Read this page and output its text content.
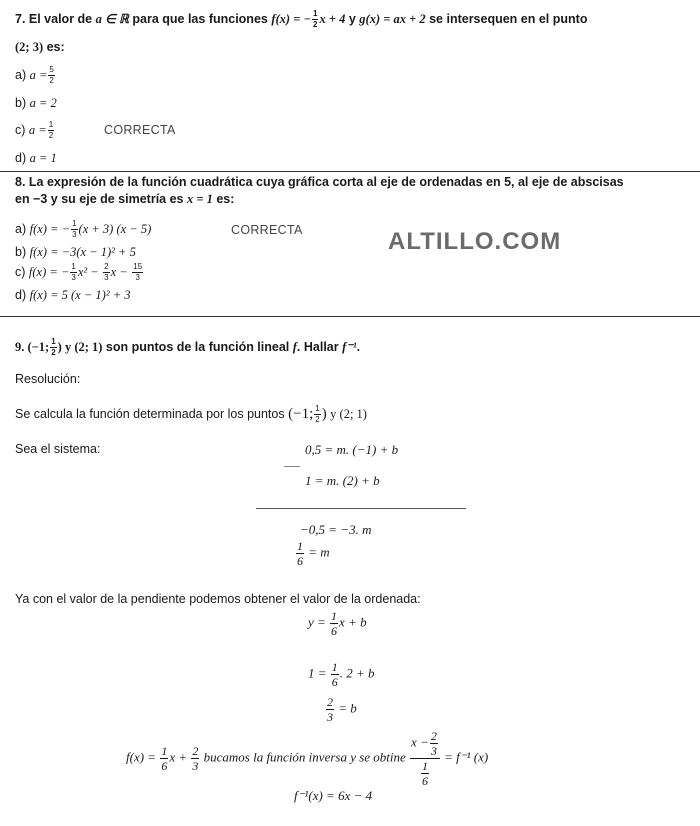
7. El valor de a ∈ ℝ para que las funciones f(x) = − $\frac{1}{2}$ x + 4 y g(x) = ax + 2 se intersequen en el punto
(2; 3) es:
a) $a = \frac{5}{2}$
b) a = 2
c) $a = \frac{1}{2}$	CORRECTA
d) a = 1
8. La expresión de la función cuadrática cuya gráfica corta al eje de ordenadas en 5, al eje de abscisas
en −3 y su eje de simetría es x = 1 es:
a) f(x) = − $\frac{1}{3} (x + 3) (x - 5)$	CORRECTA	ALTILLO.COM
b) f(x) = −3(x − 1)² + 5
c) f(x) = − $\frac{1}{3} x^2 - \frac{2}{3}$ $x - \frac{15}{3}$
d) f(x) = 5 (x − 1)² + 3
9. (−1; $\frac{1}{2}$ ) y (2; 1) son puntos de la función lineal f. Hallar f⁻¹.
Resolución:
Se calcula la función determinada por los puntos (−1; $\frac{1}{2}$ ) y (2; 1)
Sea el sistema:	0,5 = m. (−1) + b
1 = m. (2) + b
−0,5 = −3. m
$\frac{1}{6} = m$
Ya con el valor de la pendiente podemos obtener el valor de la ordenada:
$y = \frac{1}{6}$ x + b
$1 = \frac{1}{6}$ . 2 + b
$\frac{2}{3} = b$
$f(x) = \frac{1}{6}$ $x + \frac{2}{3}$ bucamos la función inversa y se obtine $\frac{x - \frac{2}{3}}{\frac{1}{6}} = f^{-1}$ (x)
f⁻¹(x) = 6x − 4
